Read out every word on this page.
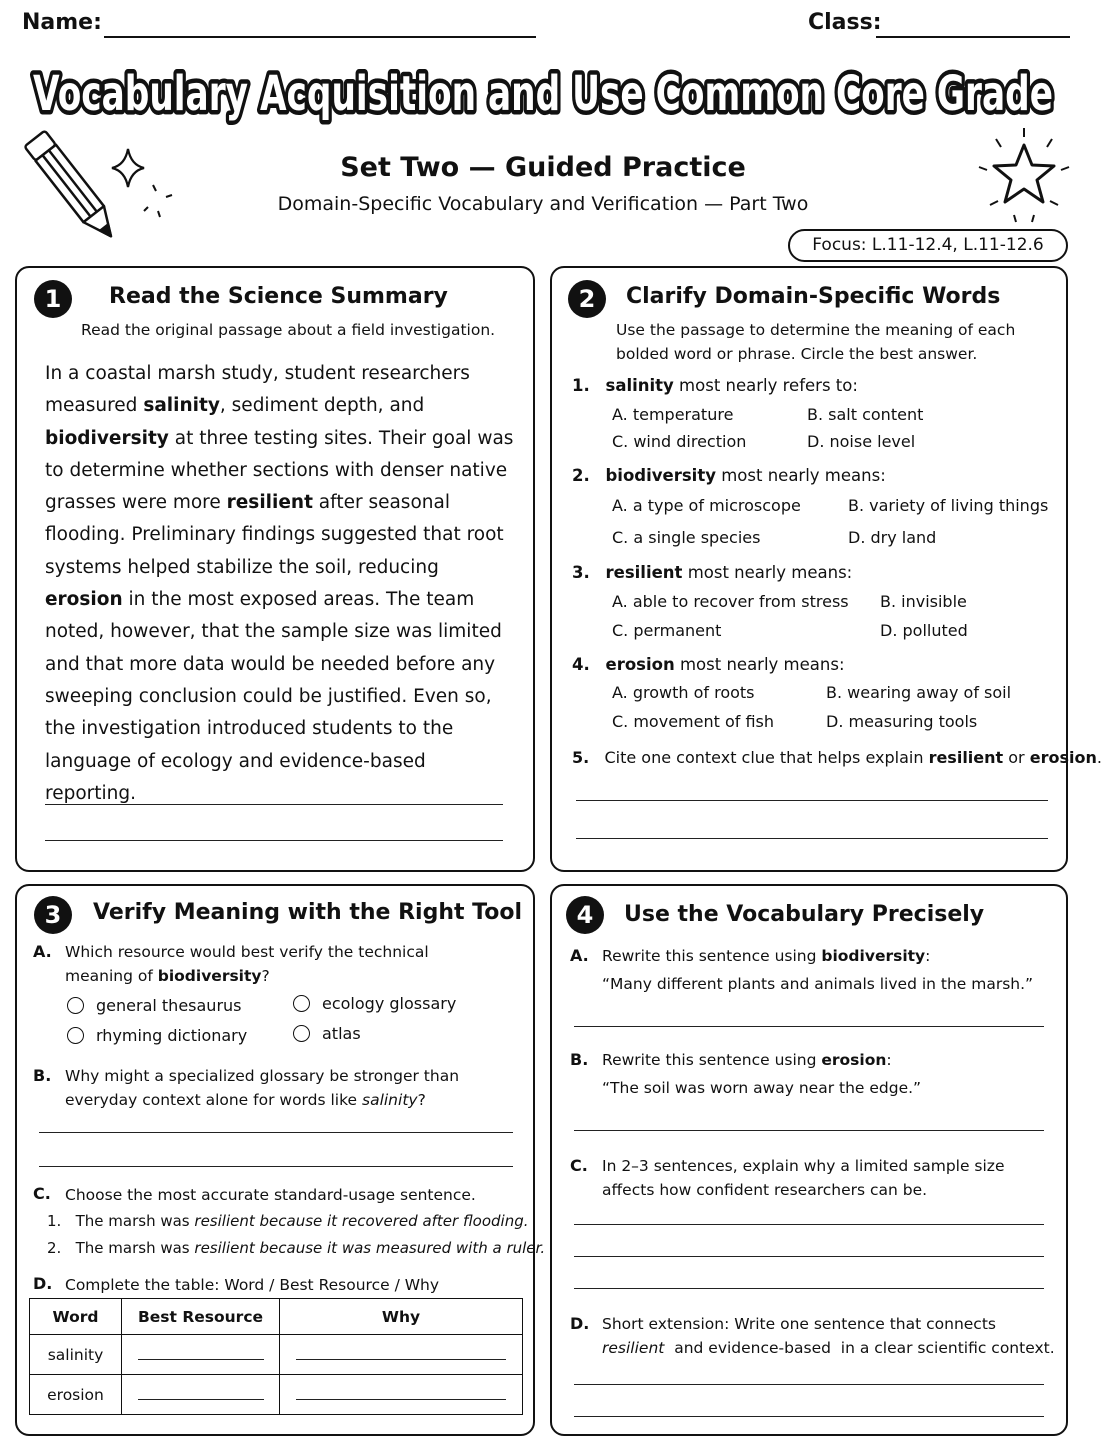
Name:	Class:
Vocabulary Acquisition and Use Common Core Grade
Vocabulary Acquisition and Use Common Core Grade
Set Two — Guided Practice
Domain-Specific Vocabulary and Verification — Part Two
Focus: L.11-12.4, L.11-12.6
1	Read the Science Summary
Read the original passage about a field investigation.
In a coastal marsh study, student researchers measured salinity, sediment depth, and biodiversity at three testing sites. Their goal was to determine whether sections with denser native grasses were more resilient after seasonal flooding. Preliminary findings suggested that root systems helped stabilize the soil, reducing erosion in the most exposed areas. The team noted, however, that the sample size was limited and that more data would be needed before any sweeping conclusion could be justified. Even so, the investigation introduced students to the language of ecology and evidence-based reporting.
2	Clarify Domain-Specific Words
Use the passage to determine the meaning of each
bolded word or phrase. Circle the best answer.
1. salinity most nearly refers to:
A. temperature	B. salt content
C. wind direction	D. noise level
2. biodiversity most nearly means:
A. a type of microscope	B. variety of living things
C. a single species	D. dry land
3. resilient most nearly means:
A. able to recover from stress B. invisible
C. permanent	D. polluted
4. erosion most nearly means:
A. growth of roots	B. wearing away of soil
C. movement of fish	D. measuring tools
5. Cite one context clue that helps explain resilient or erosion.
3	Verify Meaning with the Right Tool
A. Which resource would best verify the technical
meaning of biodiversity?
general thesaurus	ecology glossary
rhyming dictionary	atlas
B. Why might a specialized glossary be stronger than
everyday context alone for words like salinity?
C. Choose the most accurate standard-usage sentence.
1. The marsh was resilient because it recovered after flooding.
2. The marsh was resilient because it was measured with a ruler.
D. Complete the table: Word / Best Resource / Why
Word	Best Resource	Why
salinity		
erosion		
4	Use the Vocabulary Precisely
A. Rewrite this sentence using biodiversity:
“Many different plants and animals lived in the marsh.”
B. Rewrite this sentence using erosion:
“The soil was worn away near the edge.”
C. In 2–3 sentences, explain why a limited sample size
affects how confident researchers can be.
D. Short extension: Write one sentence that connects
resilient  and evidence-based  in a clear scientific context.
